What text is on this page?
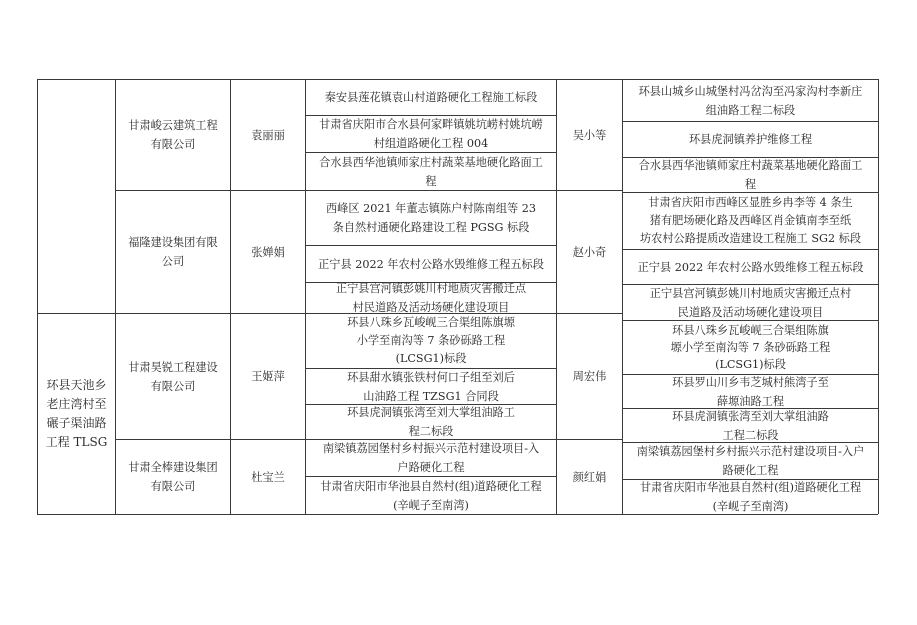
环县天池乡
老庄湾村至
碾子渠油路
工程 TLSG
甘肃峻云建筑工程
有限公司
袁丽丽
秦安县莲花镇袁山村道路硬化工程施工标段
甘肃省庆阳市合水县何家畔镇姚坑崂村姚坑崂
村组道路硬化工程 004
合水县西华池镇师家庄村蔬菜基地硬化路面工
程
吴小等
环县山城乡山城堡村冯岔沟至冯家沟村李新庄
组油路工程二标段
环县虎洞镇养护维修工程
合水县西华池镇师家庄村蔬菜基地硬化路面工
程
福隆建设集团有限
公司
张婵娟
西峰区 2021 年董志镇陈户村陈南组等 23
条自然村通硬化路建设工程 PGSG 标段
正宁县 2022 年农村公路水毁维修工程五标段
正宁县宫河镇彭姚川村地质灾害搬迁点
村民道路及活动场硬化建设项目
赵小奇
甘肃省庆阳市西峰区显胜乡冉李等 4 条生
猪有肥场硬化路及西峰区肖金镇南李至纸
坊农村公路提质改造建设工程施工 SG2 标段
正宁县 2022 年农村公路水毁维修工程五标段
正宁县宫河镇彭姚川村地质灾害搬迁点村
民道路及活动场硬化建设项目
甘肃昊锐工程建设
有限公司
王姬萍
环县八珠乡瓦峻岘三合渠组陈旗塬
小学至南沟等 7 条砂砾路工程
(LCSG1)标段
环县甜水镇张铁村何口子组至刘后
山油路工程 TZSG1 合同段
环县虎洞镇张湾至刘大掌组油路工
程二标段
周宏伟
环县八珠乡瓦峻岘三合渠组陈旗
塬小学至南沟等 7 条砂砾路工程
(LCSG1)标段
环县罗山川乡韦芝城村熊湾子至
薛塬油路工程
环县虎洞镇张湾至刘大掌组油路
工程二标段
甘肃全棒建设集团
有限公司
杜宝兰
南梁镇荔园堡村乡村振兴示范村建设项目-入
户路硬化工程
甘肃省庆阳市华池县自然村(组)道路硬化工程
(辛岘子至南湾)
颜红娟
南梁镇荔园堡村乡村振兴示范村建设项目-入户
路硬化工程
甘肃省庆阳市华池县自然村(组)道路硬化工程
(辛岘子至南湾)
